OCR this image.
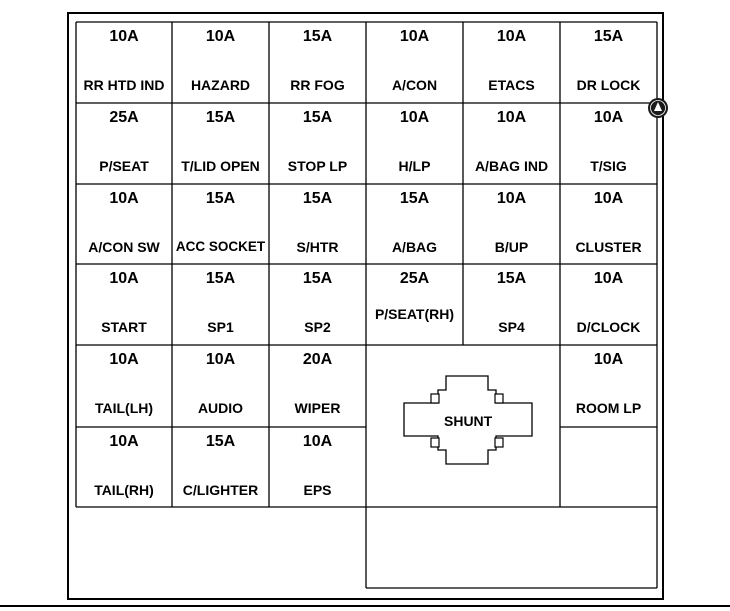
10A
RR HTD IND
10A
HAZARD
15A
RR FOG
10A
A/CON
10A
ETACS
15A
DR LOCK
25A
P/SEAT
15A
T/LID OPEN
15A
STOP LP
10A
H/LP
10A
A/BAG IND
10A
T/SIG
10A
A/CON SW
15A
ACC SOCKET
15A
S/HTR
15A
A/BAG
10A
B/UP
10A
CLUSTER
10A
START
15A
SP1
15A
SP2
25A
P/SEAT(RH)
15A
SP4
10A
D/CLOCK
10A
TAIL(LH)
10A
AUDIO
20A
WIPER
10A
ROOM LP
10A
TAIL(RH)
15A
C/LIGHTER
10A
EPS
SHUNT
